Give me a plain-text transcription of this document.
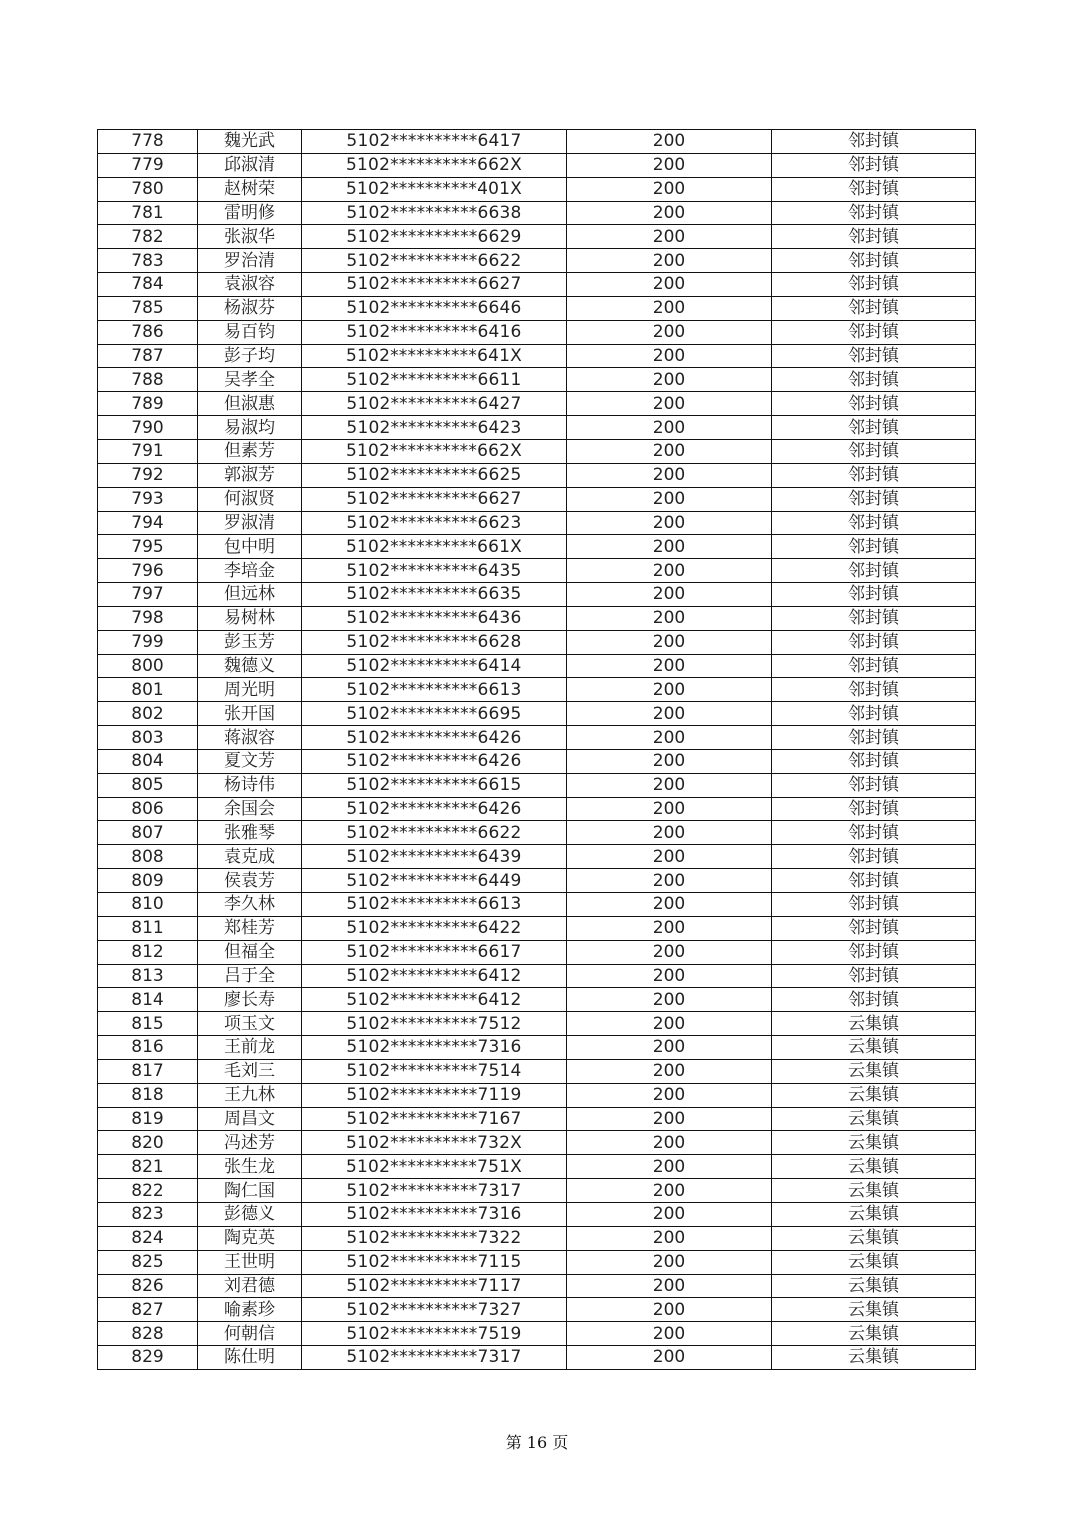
778	魏光武	5102**********6417	200	邻封镇
779	邱淑清	5102**********662X	200	邻封镇
780	赵树荣	5102**********401X	200	邻封镇
781	雷明修	5102**********6638	200	邻封镇
782	张淑华	5102**********6629	200	邻封镇
783	罗治清	5102**********6622	200	邻封镇
784	袁淑容	5102**********6627	200	邻封镇
785	杨淑芬	5102**********6646	200	邻封镇
786	易百钧	5102**********6416	200	邻封镇
787	彭子均	5102**********641X	200	邻封镇
788	吴孝全	5102**********6611	200	邻封镇
789	但淑惠	5102**********6427	200	邻封镇
790	易淑均	5102**********6423	200	邻封镇
791	但素芳	5102**********662X	200	邻封镇
792	郭淑芳	5102**********6625	200	邻封镇
793	何淑贤	5102**********6627	200	邻封镇
794	罗淑清	5102**********6623	200	邻封镇
795	包中明	5102**********661X	200	邻封镇
796	李培金	5102**********6435	200	邻封镇
797	但远林	5102**********6635	200	邻封镇
798	易树林	5102**********6436	200	邻封镇
799	彭玉芳	5102**********6628	200	邻封镇
800	魏德义	5102**********6414	200	邻封镇
801	周光明	5102**********6613	200	邻封镇
802	张开国	5102**********6695	200	邻封镇
803	蒋淑容	5102**********6426	200	邻封镇
804	夏文芳	5102**********6426	200	邻封镇
805	杨诗伟	5102**********6615	200	邻封镇
806	余国会	5102**********6426	200	邻封镇
807	张雅琴	5102**********6622	200	邻封镇
808	袁克成	5102**********6439	200	邻封镇
809	侯袁芳	5102**********6449	200	邻封镇
810	李久林	5102**********6613	200	邻封镇
811	郑桂芳	5102**********6422	200	邻封镇
812	但福全	5102**********6617	200	邻封镇
813	吕于全	5102**********6412	200	邻封镇
814	廖长寿	5102**********6412	200	邻封镇
815	项玉文	5102**********7512	200	云集镇
816	王前龙	5102**********7316	200	云集镇
817	毛刘三	5102**********7514	200	云集镇
818	王九林	5102**********7119	200	云集镇
819	周昌文	5102**********7167	200	云集镇
820	冯述芳	5102**********732X	200	云集镇
821	张生龙	5102**********751X	200	云集镇
822	陶仁国	5102**********7317	200	云集镇
823	彭德义	5102**********7316	200	云集镇
824	陶克英	5102**********7322	200	云集镇
825	王世明	5102**********7115	200	云集镇
826	刘君德	5102**********7117	200	云集镇
827	喻素珍	5102**********7327	200	云集镇
828	何朝信	5102**********7519	200	云集镇
829	陈仕明	5102**********7317	200	云集镇
第 16 页
